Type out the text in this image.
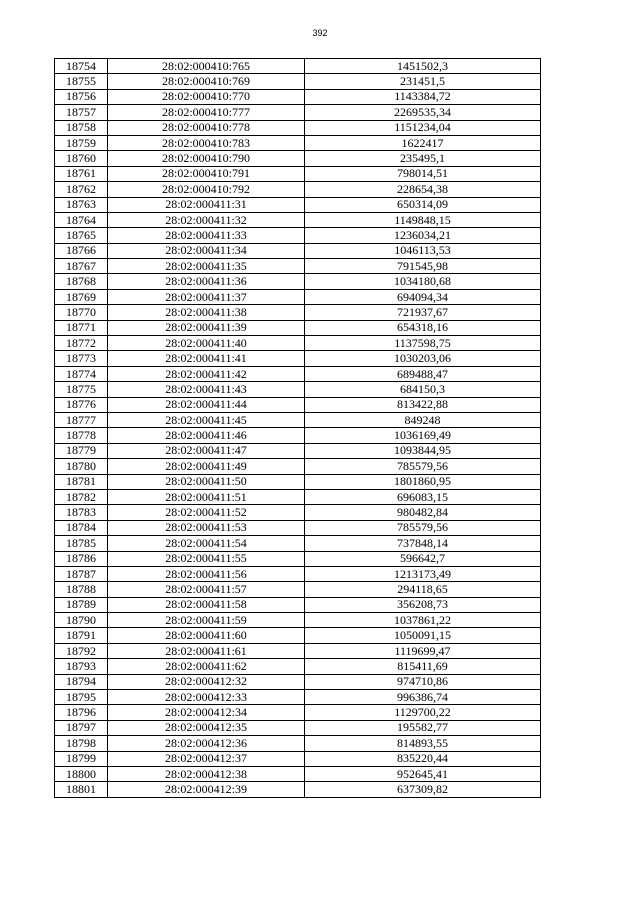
392
18754	28:02:000410:765	1451502,3
18755	28:02:000410:769	231451,5
18756	28:02:000410:770	1143384,72
18757	28:02:000410:777	2269535,34
18758	28:02:000410:778	1151234,04
18759	28:02:000410:783	1622417
18760	28:02:000410:790	235495,1
18761	28:02:000410:791	798014,51
18762	28:02:000410:792	228654,38
18763	28:02:000411:31	650314,09
18764	28:02:000411:32	1149848,15
18765	28:02:000411:33	1236034,21
18766	28:02:000411:34	1046113,53
18767	28:02:000411:35	791545,98
18768	28:02:000411:36	1034180,68
18769	28:02:000411:37	694094,34
18770	28:02:000411:38	721937,67
18771	28:02:000411:39	654318,16
18772	28:02:000411:40	1137598,75
18773	28:02:000411:41	1030203,06
18774	28:02:000411:42	689488,47
18775	28:02:000411:43	684150,3
18776	28:02:000411:44	813422,88
18777	28:02:000411:45	849248
18778	28:02:000411:46	1036169,49
18779	28:02:000411:47	1093844,95
18780	28:02:000411:49	785579,56
18781	28:02:000411:50	1801860,95
18782	28:02:000411:51	696083,15
18783	28:02:000411:52	980482,84
18784	28:02:000411:53	785579,56
18785	28:02:000411:54	737848,14
18786	28:02:000411:55	596642,7
18787	28:02:000411:56	1213173,49
18788	28:02:000411:57	294118,65
18789	28:02:000411:58	356208,73
18790	28:02:000411:59	1037861,22
18791	28:02:000411:60	1050091,15
18792	28:02:000411:61	1119699,47
18793	28:02:000411:62	815411,69
18794	28:02:000412:32	974710,86
18795	28:02:000412:33	996386,74
18796	28:02:000412:34	1129700,22
18797	28:02:000412:35	195582,77
18798	28:02:000412:36	814893,55
18799	28:02:000412:37	835220,44
18800	28:02:000412:38	952645,41
18801	28:02:000412:39	637309,82
